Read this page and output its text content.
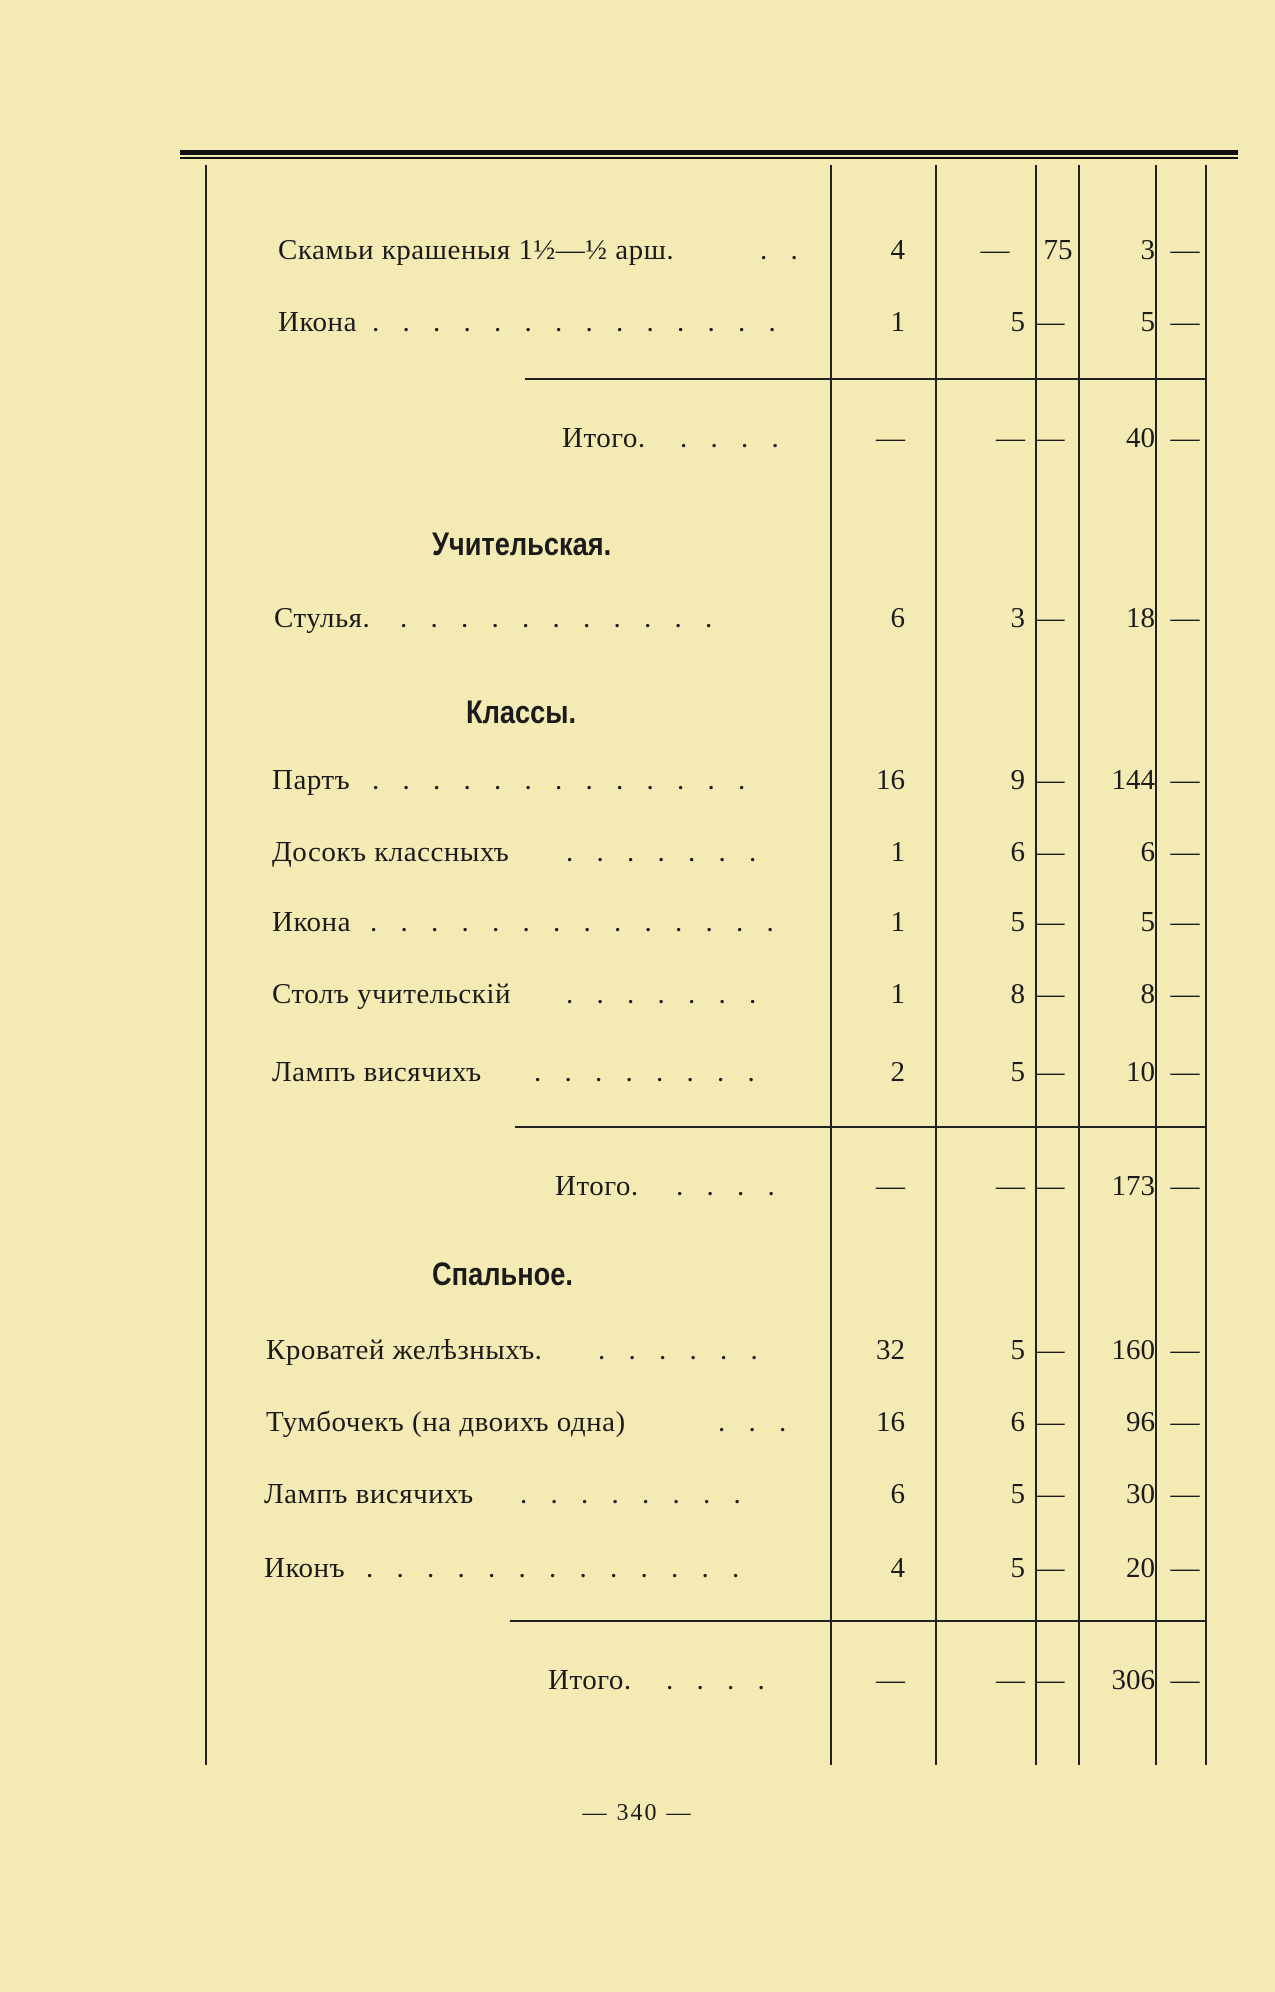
Скамьи крашеныя 1½—½ арш.	. .	4	—	75	3 —
Икона . . . . . . . . . . . . . .	1	5 —	5 —
Итого. . . . .	—	— —	40 —
Учительская.
Стулья. . . . . . . . . . . .	6	3 —	18 —
Классы.
Партъ . . . . . . . . . . . . .	16	9 —	144 —
Досокъ классныхъ . . . . . . .	1	6 —	6 —
Икона . . . . . . . . . . . . . .	1	5 —	5 —
Столъ учительскій . . . . . . .	1	8 —	8 —
Лампъ висячихъ . . . . . . . .	2	5 —	10 —
Итого. . . . .	—	— —	173 —
Спальное.
Кроватей желѣзныхъ. . . . . . .	32	5 —	160 —
Тумбочекъ (на двоихъ одна)	. . .	16	6 —	96 —
Лампъ висячихъ . . . . . . . .	6	5 —	30 —
Иконъ . . . . . . . . . . . . .	4	5 —	20 —
Итого. . . . .	—	— —	306 —
— 340 —
